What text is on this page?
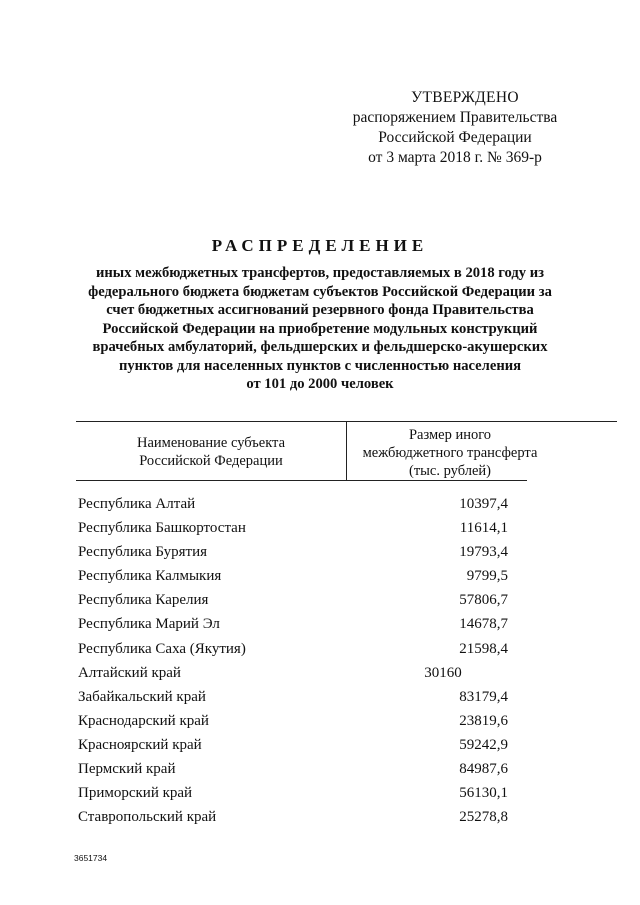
УТВЕРЖДЕНО
распоряжением Правительства
Российской Федерации
от 3 марта 2018 г. № 369-р
РАСПРЕДЕЛЕНИЕ
иных межбюджетных трансфертов, предоставляемых в 2018 году из
федерального бюджета бюджетам субъектов Российской Федерации за
счет бюджетных ассигнований резервного фонда Правительства
Российской Федерации на приобретение модульных конструкций
врачебных амбулаторий, фельдшерских и фельдшерско-акушерских
пунктов для населенных пунктов с численностью населения
от 101 до 2000 человек
Наименование субъекта
Российской Федерации
Размер иного
межбюджетного трансферта
(тыс. рублей)
Республика Алтай	10397,4
Республика Башкортостан	11614,1
Республика Бурятия	19793,4
Республика Калмыкия	9799,5
Республика Карелия	57806,7
Республика Марий Эл	14678,7
Республика Саха (Якутия)	21598,4
Алтайский край	30160
Забайкальский край	83179,4
Краснодарский край	23819,6
Красноярский край	59242,9
Пермский край	84987,6
Приморский край	56130,1
Ставропольский край	25278,8
3651734
